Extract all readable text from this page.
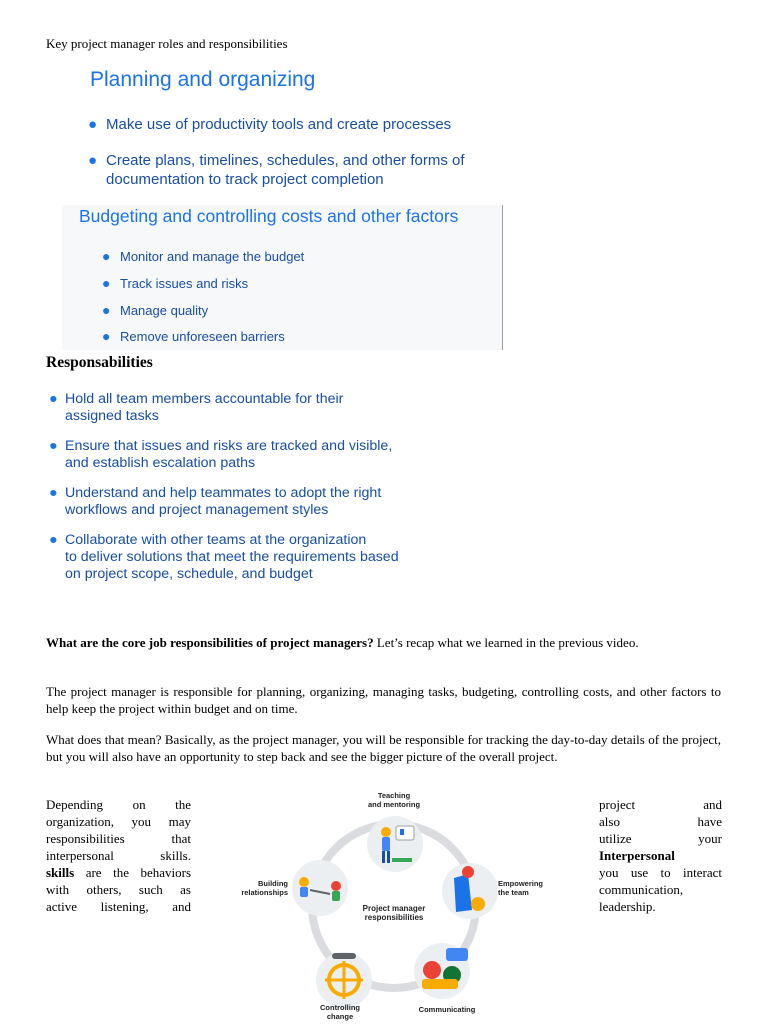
Key project manager roles and responsibilities
Planning and organizing
● Make use of productivity tools and create processes
● Create plans, timelines, schedules, and other forms of
documentation to track project completion
Budgeting and controlling costs and other factors
● Monitor and manage the budget
● Track issues and risks
● Manage quality
● Remove unforeseen barriers
Responsabilities
● Hold all team members accountable for their
assigned tasks
● Ensure that issues and risks are tracked and visible,
and establish escalation paths
● Understand and help teammates to adopt the right
workflows and project management styles
● Collaborate with other teams at the organization
to deliver solutions that meet the requirements based
on project scope, schedule, and budget
What are the core job responsibilities of project managers? Let’s recap what we learned in the previous video.
The project manager is responsible for planning, organizing, managing tasks, budgeting, controlling costs, and other factors to help keep the project within budget and on time.
What does that mean? Basically, as the project manager, you will be responsible for tracking the day-to-day details of the project, but you will also have an opportunity to step back and see the bigger picture of the overall project.
Depending on the
organization, you may
responsibilities that
interpersonal skills.
skills are the behaviors
with others, such as
active listening, and
project and
also have
utilize your
Interpersonal
you use to interact
communication,
leadership.
Teaching
and mentoring
Empowering
the team
Communicating
Controlling
change
Building
relationships
Project manager
responsibilities
